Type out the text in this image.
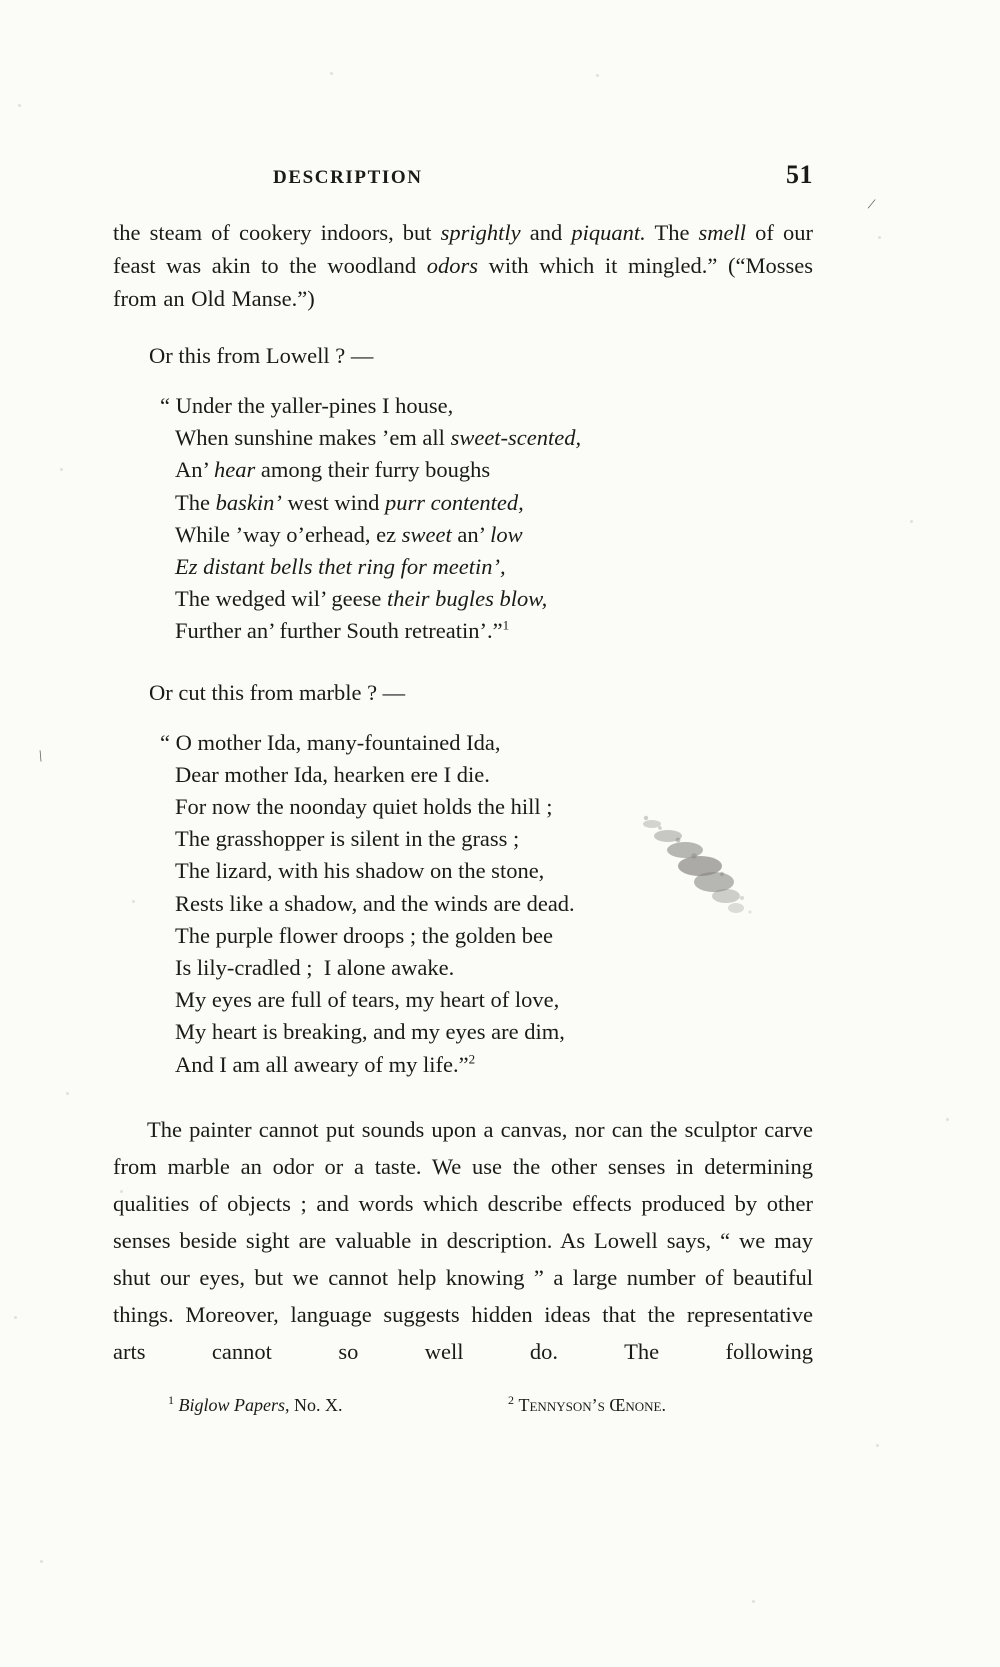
/
\
DESCRIPTION	51

the steam of cookery indoors, but sprightly and piquant. The smell of our feast was akin to the woodland odors with which it mingled.” (“Mosses from an Old Manse.”)

Or this from Lowell ? —

“ Under the yaller-pines I house,
When sunshine makes ’em all sweet-scented,
An’ hear among their furry boughs
The baskin’ west wind purr contented,
While ’way o’erhead, ez sweet an’ low
Ez distant bells thet ring for meetin’,
The wedged wil’ geese their bugles blow,
Further an’ further South retreatin’.”$^1$

Or cut this from marble ? —

“ O mother Ida, many-fountained Ida,
Dear mother Ida, hearken ere I die.
For now the noonday quiet holds the hill ;
The grasshopper is silent in the grass ;
The lizard, with his shadow on the stone,
Rests like a shadow, and the winds are dead.
The purple flower droops ; the golden bee
Is lily-cradled ;  I alone awake.
My eyes are full of tears, my heart of love,
My heart is breaking, and my eyes are dim,
And I am all aweary of my life.”$^2$

The painter cannot put sounds upon a canvas, nor can the sculptor carve from marble an odor or a taste. We use the other senses in determining qualities of objects ; and words which describe effects produced by other senses beside sight are valuable in description. As Lowell says, “ we may shut our eyes, but we cannot help knowing ” a large number of beautiful things. Moreover, language suggests hidden ideas that the representative arts cannot so well do. The following

$^1$ Biglow Papers, No. X.	$^2$ Tennyson’s Œnone.
